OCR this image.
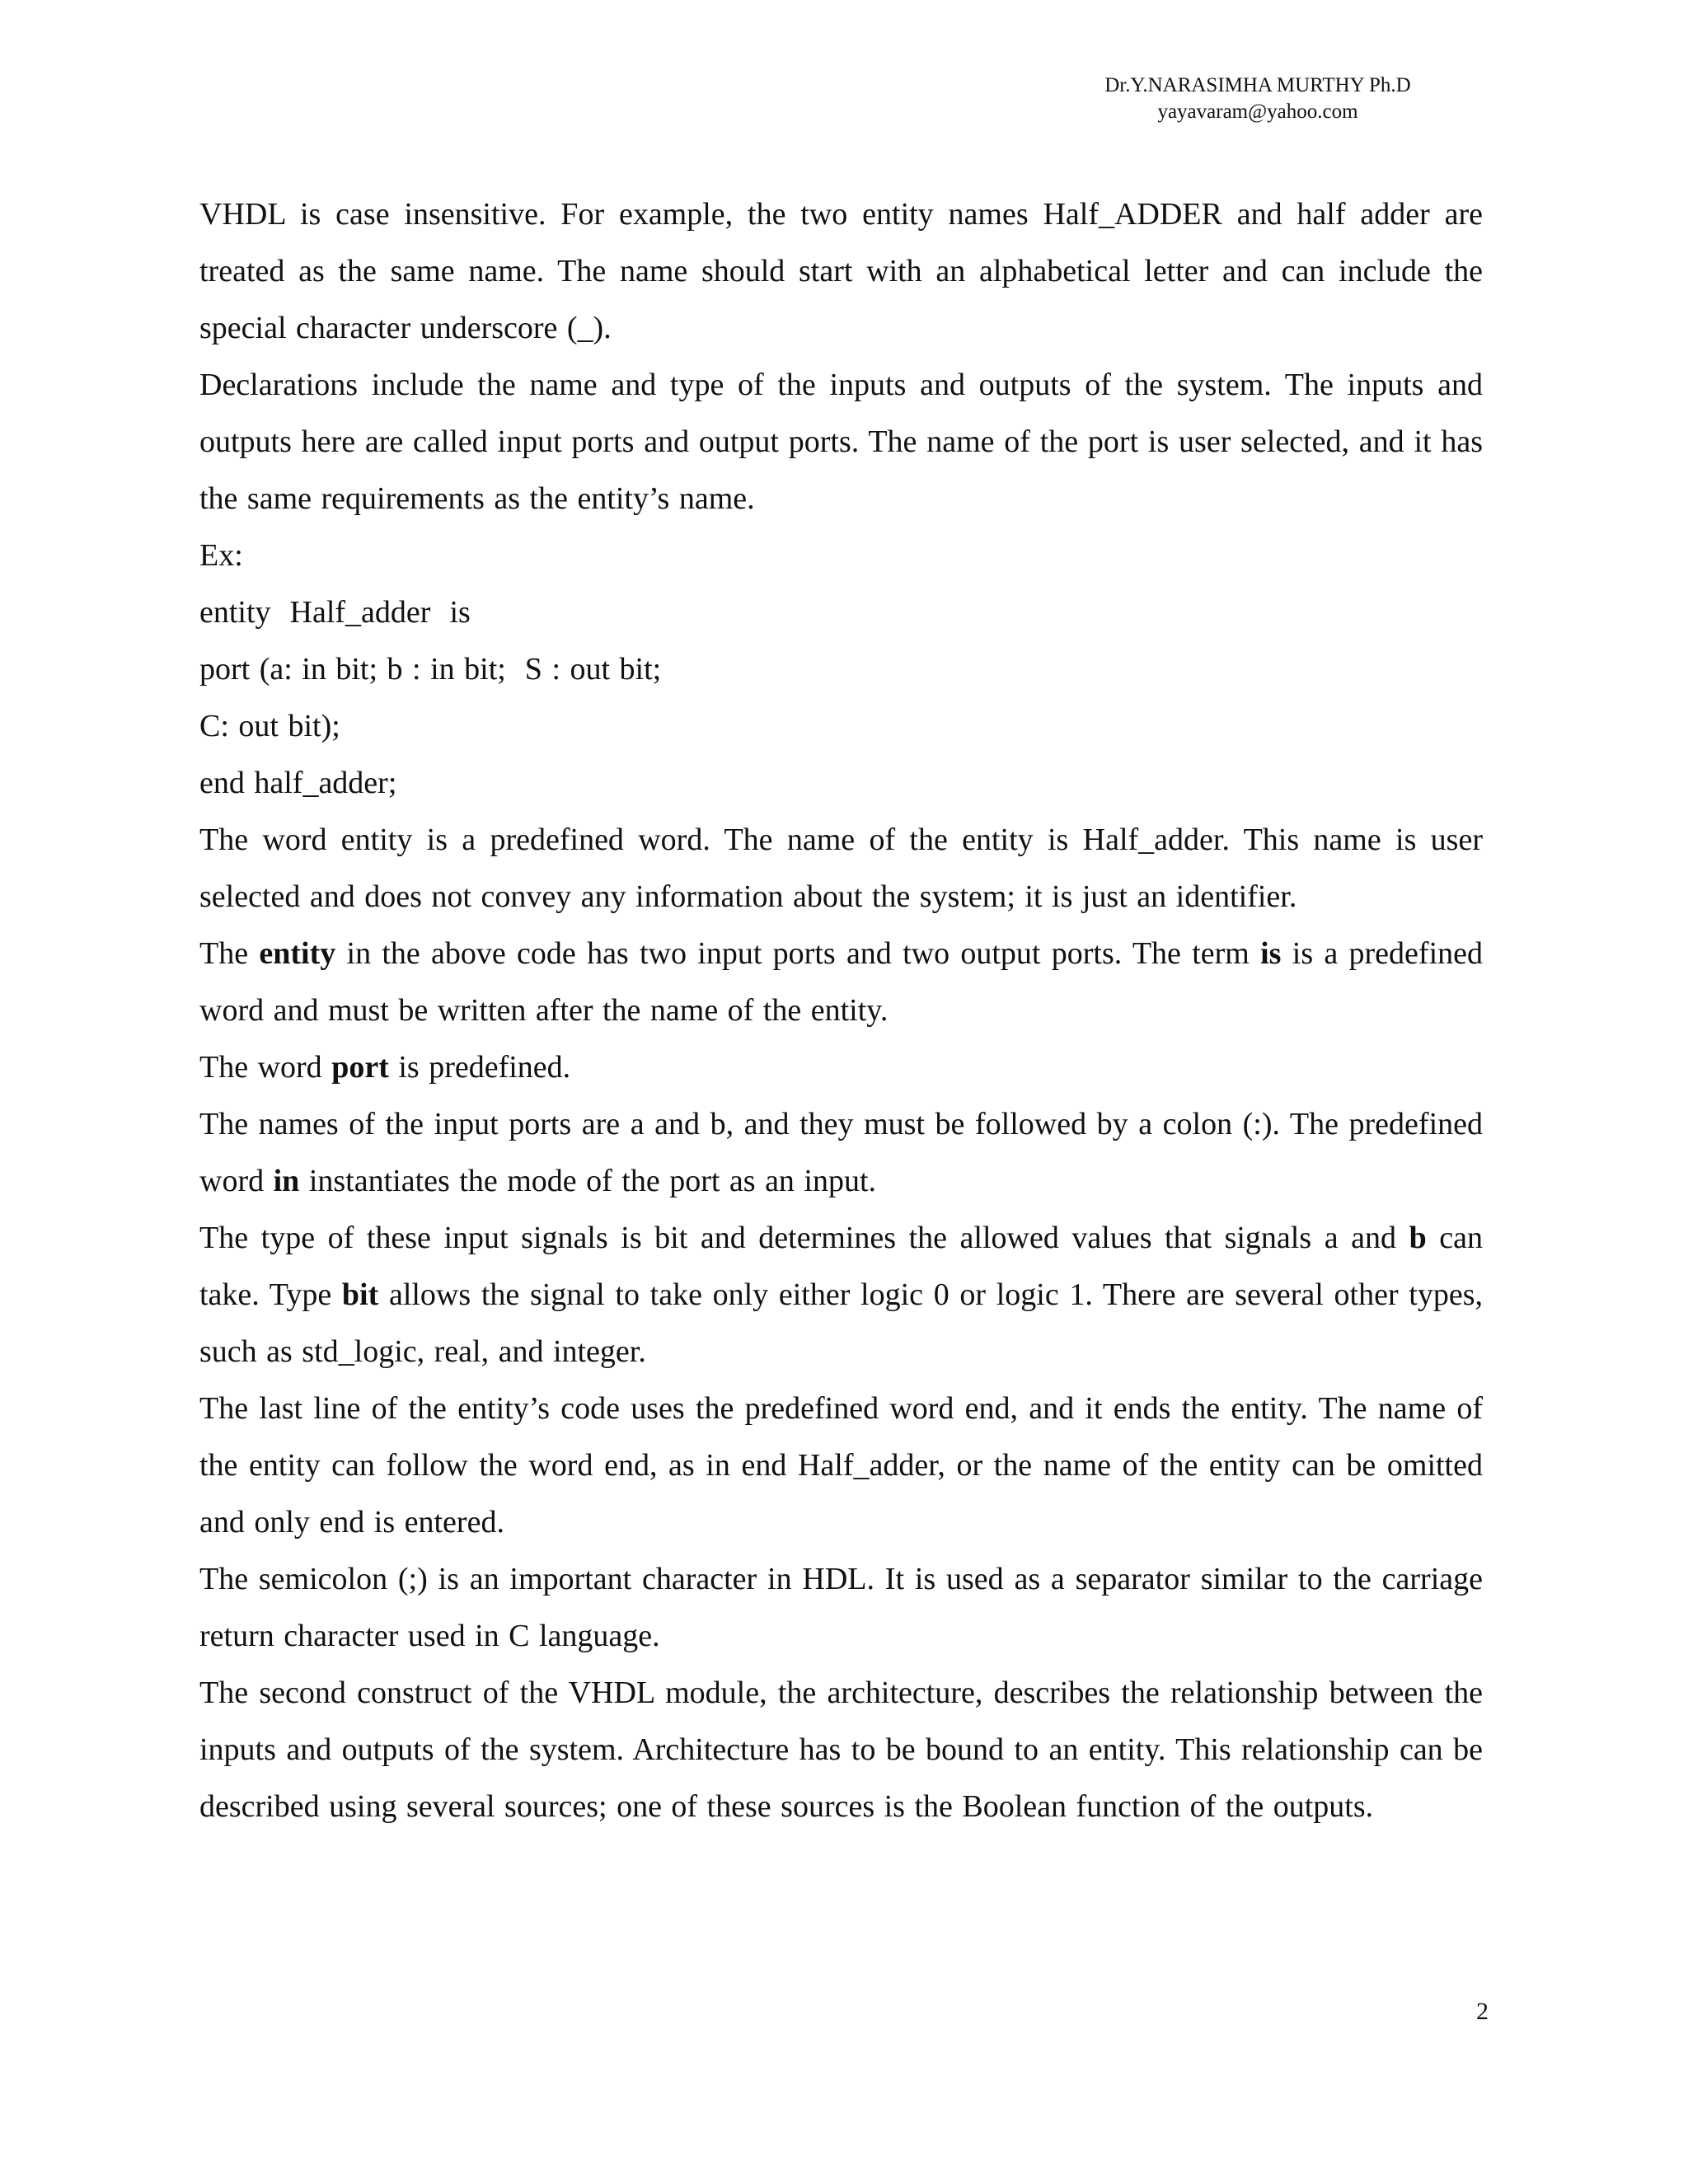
Dr.Y.NARASIMHA MURTHY Ph.D
yayavaram@yahoo.com

VHDL is case insensitive. For example, the two entity names Half_ADDER and half adder are treated as the same name. The name should start with an alphabetical letter and can include the special character underscore (_).

Declarations include the name and type of the inputs and outputs of the system. The inputs and outputs here are called input ports and output ports. The name of the port is user selected, and it has the same requirements as the entity’s name.

Ex:

entity  Half_adder  is

port (a: in bit; b : in bit;  S : out bit;

C: out bit);

end half_adder;

The word entity is a predefined word. The name of the entity is Half_adder. This name is user selected and does not convey any information about the system; it is just an identifier.

The entity in the above code has two input ports and two output ports. The term is is a predefined word and must be written after the name of the entity.

The word port is predefined.

The names of the input ports are a and b, and they must be followed by a colon (:). The predefined word in instantiates the mode of the port as an input.

The type of these input signals is bit and determines the allowed values that signals a and b can take. Type bit allows the signal to take only either logic 0 or logic 1. There are several other types, such as std_logic, real, and integer.

The last line of the entity’s code uses the predefined word end, and it ends the entity. The name of the entity can follow the word end, as in end Half_adder, or the name of the entity can be omitted and only end is entered.

The semicolon (;) is an important character in HDL. It is used as a separator similar to the carriage return character used in C language.

The second construct of the VHDL module, the architecture, describes the relationship between the inputs and outputs of the system. Architecture has to be bound to an entity. This relationship can be described using several sources; one of these sources is the Boolean function of the outputs.

2
